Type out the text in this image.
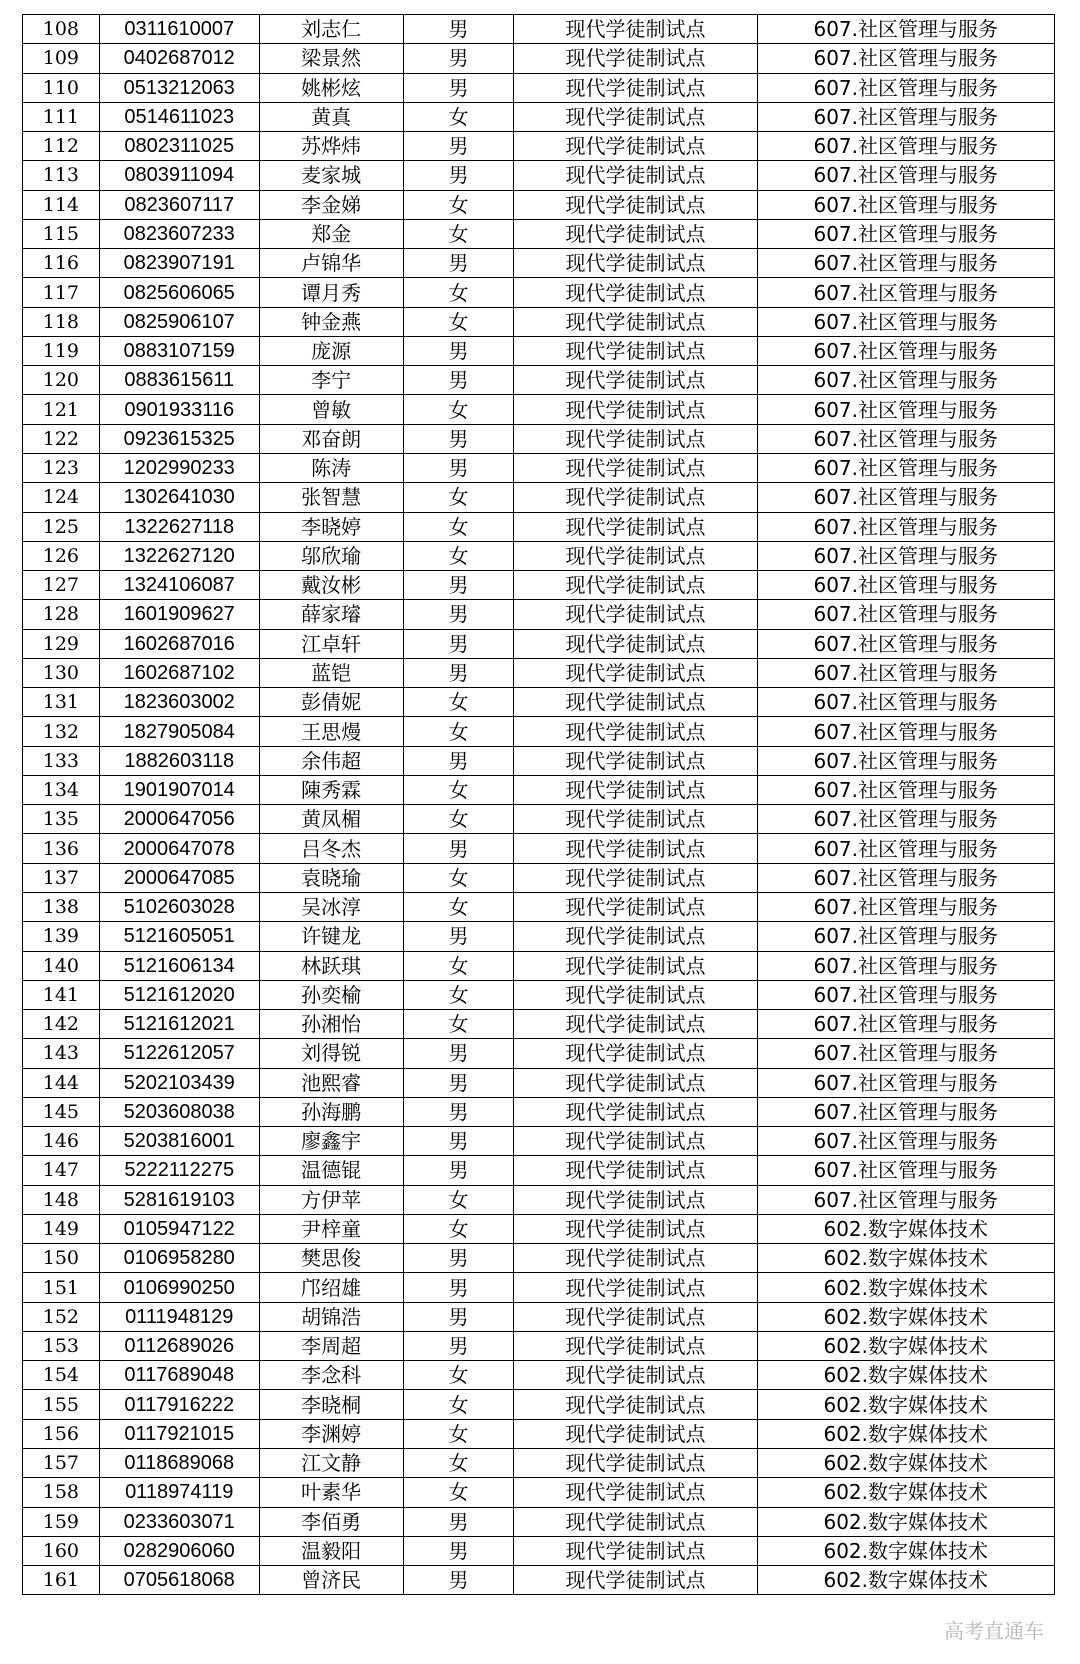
108	0311610007	刘志仁	男	现代学徒制试点	607.社区管理与服务
109	0402687012	梁景然	男	现代学徒制试点	607.社区管理与服务
110	0513212063	姚彬炫	男	现代学徒制试点	607.社区管理与服务
111	0514611023	黄真	女	现代学徒制试点	607.社区管理与服务
112	0802311025	苏烨炜	男	现代学徒制试点	607.社区管理与服务
113	0803911094	麦家城	男	现代学徒制试点	607.社区管理与服务
114	0823607117	李金娣	女	现代学徒制试点	607.社区管理与服务
115	0823607233	郑金	女	现代学徒制试点	607.社区管理与服务
116	0823907191	卢锦华	男	现代学徒制试点	607.社区管理与服务
117	0825606065	谭月秀	女	现代学徒制试点	607.社区管理与服务
118	0825906107	钟金燕	女	现代学徒制试点	607.社区管理与服务
119	0883107159	庞源	男	现代学徒制试点	607.社区管理与服务
120	0883615611	李宁	男	现代学徒制试点	607.社区管理与服务
121	0901933116	曾敏	女	现代学徒制试点	607.社区管理与服务
122	0923615325	邓奋朗	男	现代学徒制试点	607.社区管理与服务
123	1202990233	陈涛	男	现代学徒制试点	607.社区管理与服务
124	1302641030	张智慧	女	现代学徒制试点	607.社区管理与服务
125	1322627118	李晓婷	女	现代学徒制试点	607.社区管理与服务
126	1322627120	邬欣瑜	女	现代学徒制试点	607.社区管理与服务
127	1324106087	戴汝彬	男	现代学徒制试点	607.社区管理与服务
128	1601909627	薛家璿	男	现代学徒制试点	607.社区管理与服务
129	1602687016	江卓轩	男	现代学徒制试点	607.社区管理与服务
130	1602687102	蓝铠	男	现代学徒制试点	607.社区管理与服务
131	1823603002	彭倩妮	女	现代学徒制试点	607.社区管理与服务
132	1827905084	王思熳	女	现代学徒制试点	607.社区管理与服务
133	1882603118	余伟超	男	现代学徒制试点	607.社区管理与服务
134	1901907014	陳秀霖	女	现代学徒制试点	607.社区管理与服务
135	2000647056	黄凤楣	女	现代学徒制试点	607.社区管理与服务
136	2000647078	吕冬杰	男	现代学徒制试点	607.社区管理与服务
137	2000647085	袁晓瑜	女	现代学徒制试点	607.社区管理与服务
138	5102603028	吴冰淳	女	现代学徒制试点	607.社区管理与服务
139	5121605051	许键龙	男	现代学徒制试点	607.社区管理与服务
140	5121606134	林跃琪	女	现代学徒制试点	607.社区管理与服务
141	5121612020	孙奕榆	女	现代学徒制试点	607.社区管理与服务
142	5121612021	孙湘怡	女	现代学徒制试点	607.社区管理与服务
143	5122612057	刘得锐	男	现代学徒制试点	607.社区管理与服务
144	5202103439	池熙睿	男	现代学徒制试点	607.社区管理与服务
145	5203608038	孙海鹏	男	现代学徒制试点	607.社区管理与服务
146	5203816001	廖鑫宇	男	现代学徒制试点	607.社区管理与服务
147	5222112275	温德锟	男	现代学徒制试点	607.社区管理与服务
148	5281619103	方伊苹	女	现代学徒制试点	607.社区管理与服务
149	0105947122	尹梓童	女	现代学徒制试点	602.数字媒体技术
150	0106958280	樊思俊	男	现代学徒制试点	602.数字媒体技术
151	0106990250	邝绍雄	男	现代学徒制试点	602.数字媒体技术
152	0111948129	胡锦浩	男	现代学徒制试点	602.数字媒体技术
153	0112689026	李周超	男	现代学徒制试点	602.数字媒体技术
154	0117689048	李念科	女	现代学徒制试点	602.数字媒体技术
155	0117916222	李晓桐	女	现代学徒制试点	602.数字媒体技术
156	0117921015	李渊婷	女	现代学徒制试点	602.数字媒体技术
157	0118689068	江文静	女	现代学徒制试点	602.数字媒体技术
158	0118974119	叶素华	女	现代学徒制试点	602.数字媒体技术
159	0233603071	李佰勇	男	现代学徒制试点	602.数字媒体技术
160	0282906060	温毅阳	男	现代学徒制试点	602.数字媒体技术
161	0705618068	曾济民	男	现代学徒制试点	602.数字媒体技术
高考直通车
